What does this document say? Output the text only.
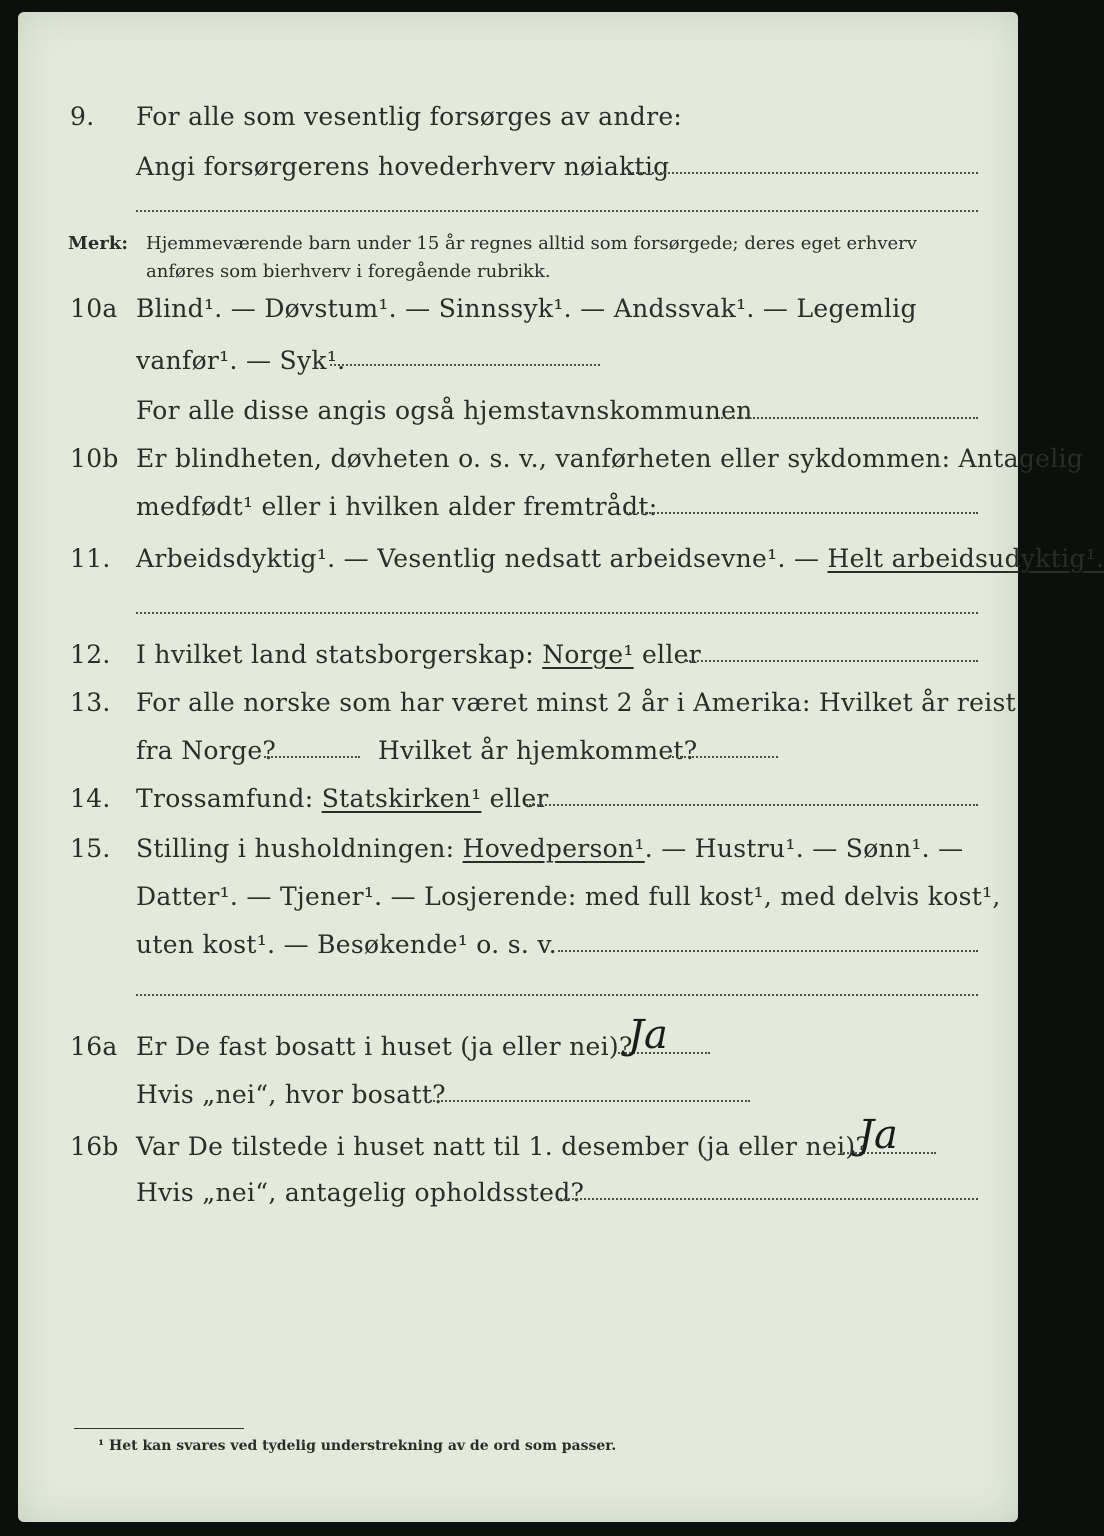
9. For alle som vesentlig forsørges av andre:
Angi forsørgerens hovederhverv nøiaktig
Merk: Hjemmeværende barn under 15 år regnes alltid som forsørgede; deres eget erhverv
anføres som bierhverv i foregående rubrikk.
10a Blind¹. — Døvstum¹. — Sinnssyk¹. — Andssvak¹. — Legemlig
vanfør¹. — Syk¹.
For alle disse angis også hjemstavnskommunen
10b Er blindheten, døvheten o. s. v., vanførheten eller sykdommen: Antagelig
medfødt¹ eller i hvilken alder fremtrådt:
11. Arbeidsdyktig¹. — Vesentlig nedsatt arbeidsevne¹. — Helt arbeidsudyktig¹.
12. I hvilket land statsborgerskap: Norge¹ eller
13. For alle norske som har været minst 2 år i Amerika: Hvilket år reist
fra Norge?	Hvilket år hjemkommet?
14. Trossamfund: Statskirken¹ eller
15. Stilling i husholdningen: Hovedperson¹. — Hustru¹. — Sønn¹. —
Datter¹. — Tjener¹. — Losjerende: med full kost¹, med delvis kost¹,
uten kost¹. — Besøkende¹ o. s. v.
16a Er De fast bosatt i huset (ja eller nei)?
Ja
Hvis „nei“, hvor bosatt?
16b Var De tilstede i huset natt til 1. desember (ja eller nei)?
Ja
Hvis „nei“, antagelig opholdssted?
¹ Het kan svares ved tydelig understrekning av de ord som passer.
